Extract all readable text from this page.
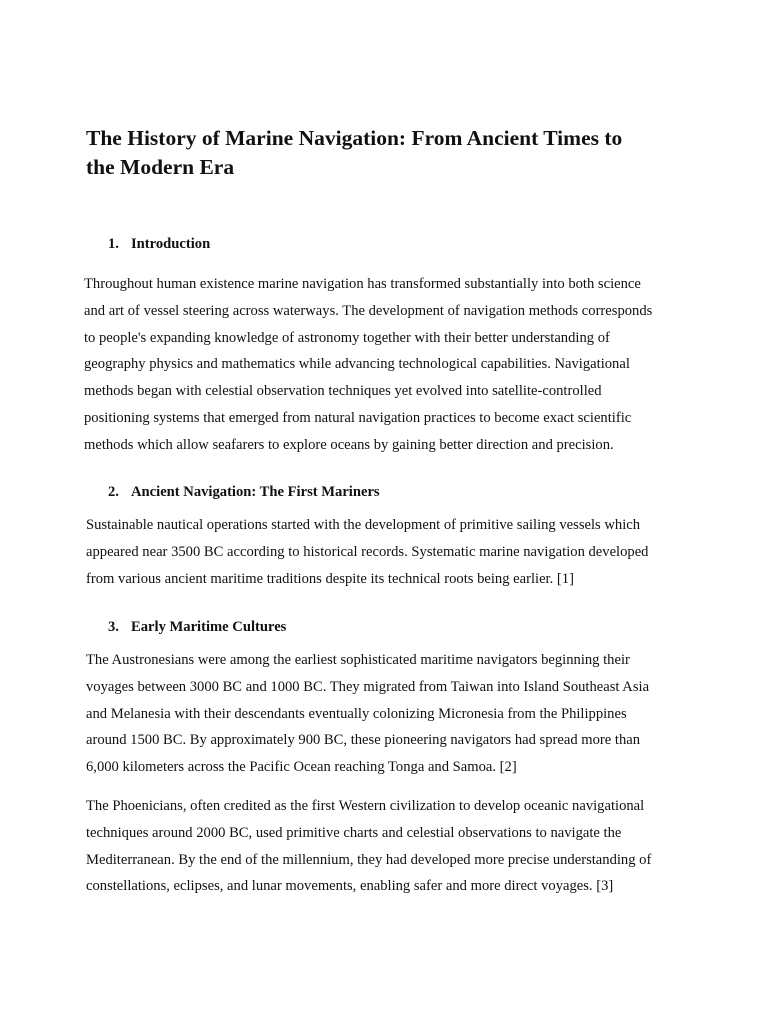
The History of Marine Navigation: From Ancient Times to
the Modern Era
1. Introduction

Throughout human existence marine navigation has transformed substantially into both science
and art of vessel steering across waterways. The development of navigation methods corresponds
to people's expanding knowledge of astronomy together with their better understanding of
geography physics and mathematics while advancing technological capabilities. Navigational
methods began with celestial observation techniques yet evolved into satellite-controlled
positioning systems that emerged from natural navigation practices to become exact scientific
methods which allow seafarers to explore oceans by gaining better direction and precision.

2. Ancient Navigation: The First Mariners

Sustainable nautical operations started with the development of primitive sailing vessels which
appeared near 3500 BC according to historical records. Systematic marine navigation developed
from various ancient maritime traditions despite its technical roots being earlier. [1]

3. Early Maritime Cultures

The Austronesians were among the earliest sophisticated maritime navigators beginning their
voyages between 3000 BC and 1000 BC. They migrated from Taiwan into Island Southeast Asia
and Melanesia with their descendants eventually colonizing Micronesia from the Philippines
around 1500 BC. By approximately 900 BC, these pioneering navigators had spread more than
6,000 kilometers across the Pacific Ocean reaching Tonga and Samoa. [2]

The Phoenicians, often credited as the first Western civilization to develop oceanic navigational
techniques around 2000 BC, used primitive charts and celestial observations to navigate the
Mediterranean. By the end of the millennium, they had developed more precise understanding of
constellations, eclipses, and lunar movements, enabling safer and more direct voyages. [3]
